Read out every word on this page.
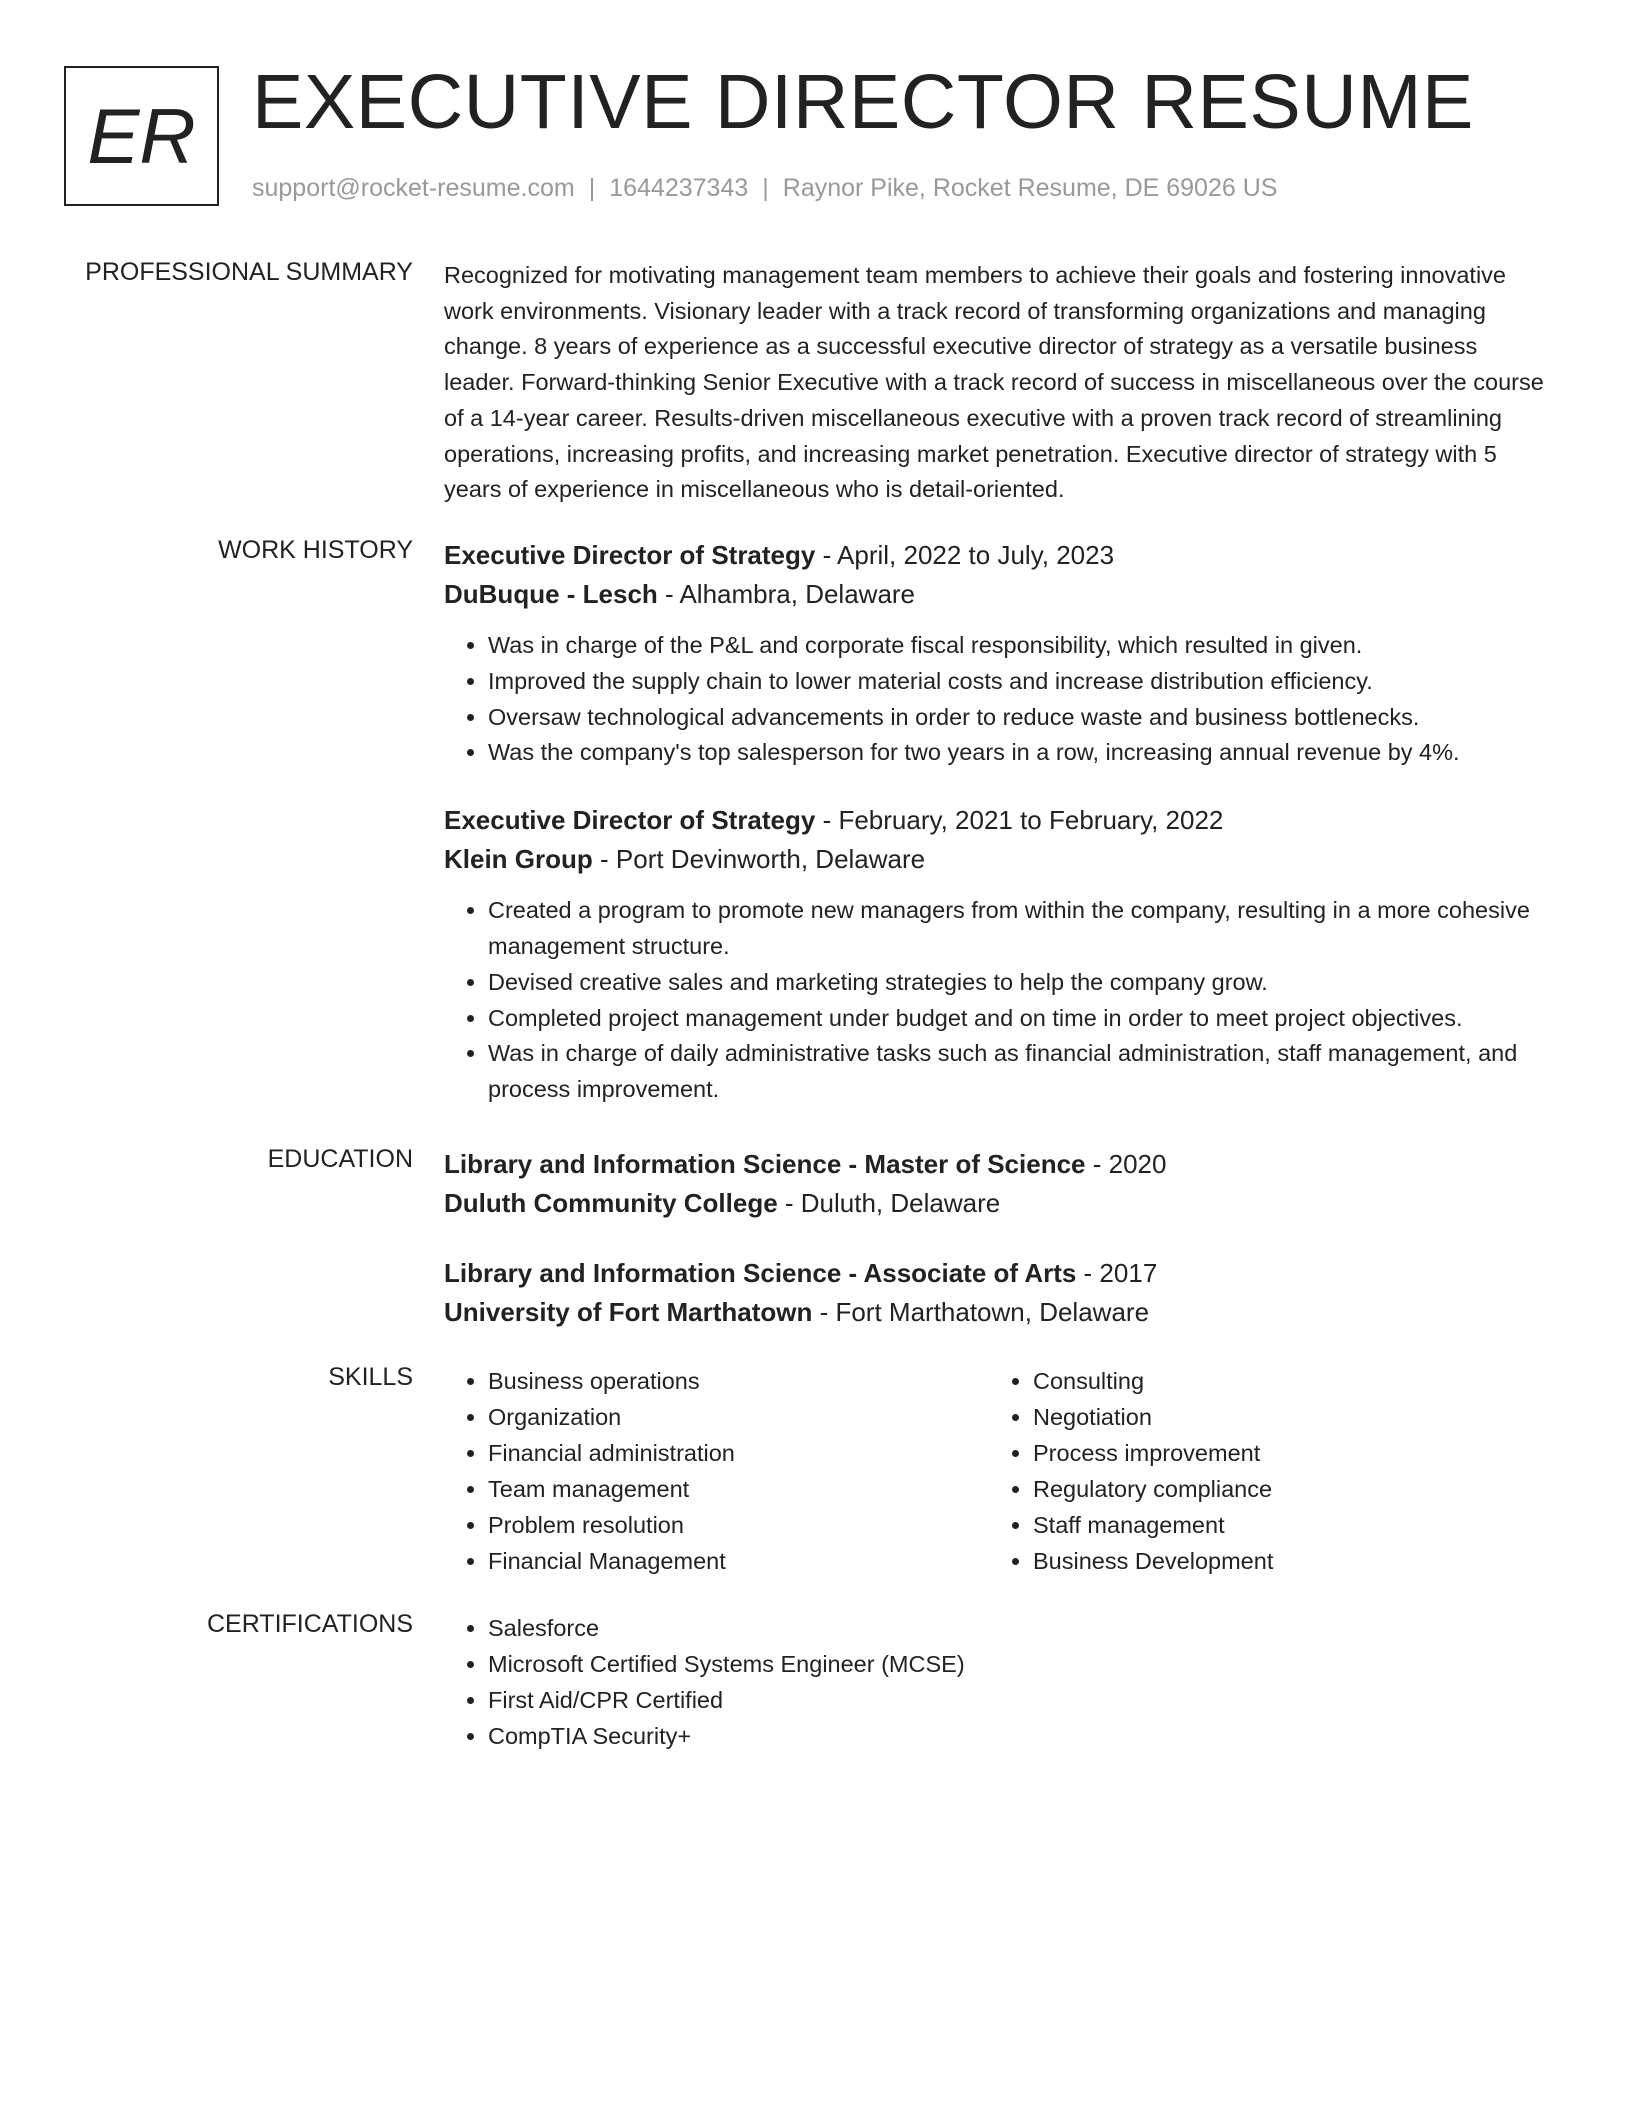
ER EXECUTIVE DIRECTOR RESUME
support@rocket-resume.com | 1644237343 | Raynor Pike, Rocket Resume, DE 69026 US
PROFESSIONAL SUMMARY Recognized for motivating management team members to achieve their goals and fostering innovative work environments. Visionary leader with a track record of transforming organizations and managing change. 8 years of experience as a successful executive director of strategy as a versatile business leader. Forward-thinking Senior Executive with a track record of success in miscellaneous over the course of a 14-year career. Results-driven miscellaneous executive with a proven track record of streamlining operations, increasing profits, and increasing market penetration. Executive director of strategy with 5 years of experience in miscellaneous who is detail-oriented.

WORK HISTORY Executive Director of Strategy - April, 2022 to July, 2023
DuBuque - Lesch - Alhambra, Delaware
• Was in charge of the P&L and corporate fiscal responsibility, which resulted in given.
• Improved the supply chain to lower material costs and increase distribution efficiency.
• Oversaw technological advancements in order to reduce waste and business bottlenecks.
• Was the company's top salesperson for two years in a row, increasing annual revenue by 4%.
Executive Director of Strategy - February, 2021 to February, 2022
Klein Group - Port Devinworth, Delaware
• Created a program to promote new managers from within the company, resulting in a more cohesive management structure.
• Devised creative sales and marketing strategies to help the company grow.
• Completed project management under budget and on time in order to meet project objectives.
• Was in charge of daily administrative tasks such as financial administration, staff management, and process improvement.
EDUCATION Library and Information Science - Master of Science - 2020
Duluth Community College - Duluth, Delaware
Library and Information Science - Associate of Arts - 2017
University of Fort Marthatown - Fort Marthatown, Delaware
SKILLS	• Business operations
• Organization
• Financial administration
• Team management
• Problem resolution
• Financial Management
• Consulting
• Negotiation
• Process improvement
• Regulatory compliance
• Staff management
• Business Development
CERTIFICATIONS	• Salesforce
• Microsoft Certified Systems Engineer (MCSE)
• First Aid/CPR Certified
• CompTIA Security+
